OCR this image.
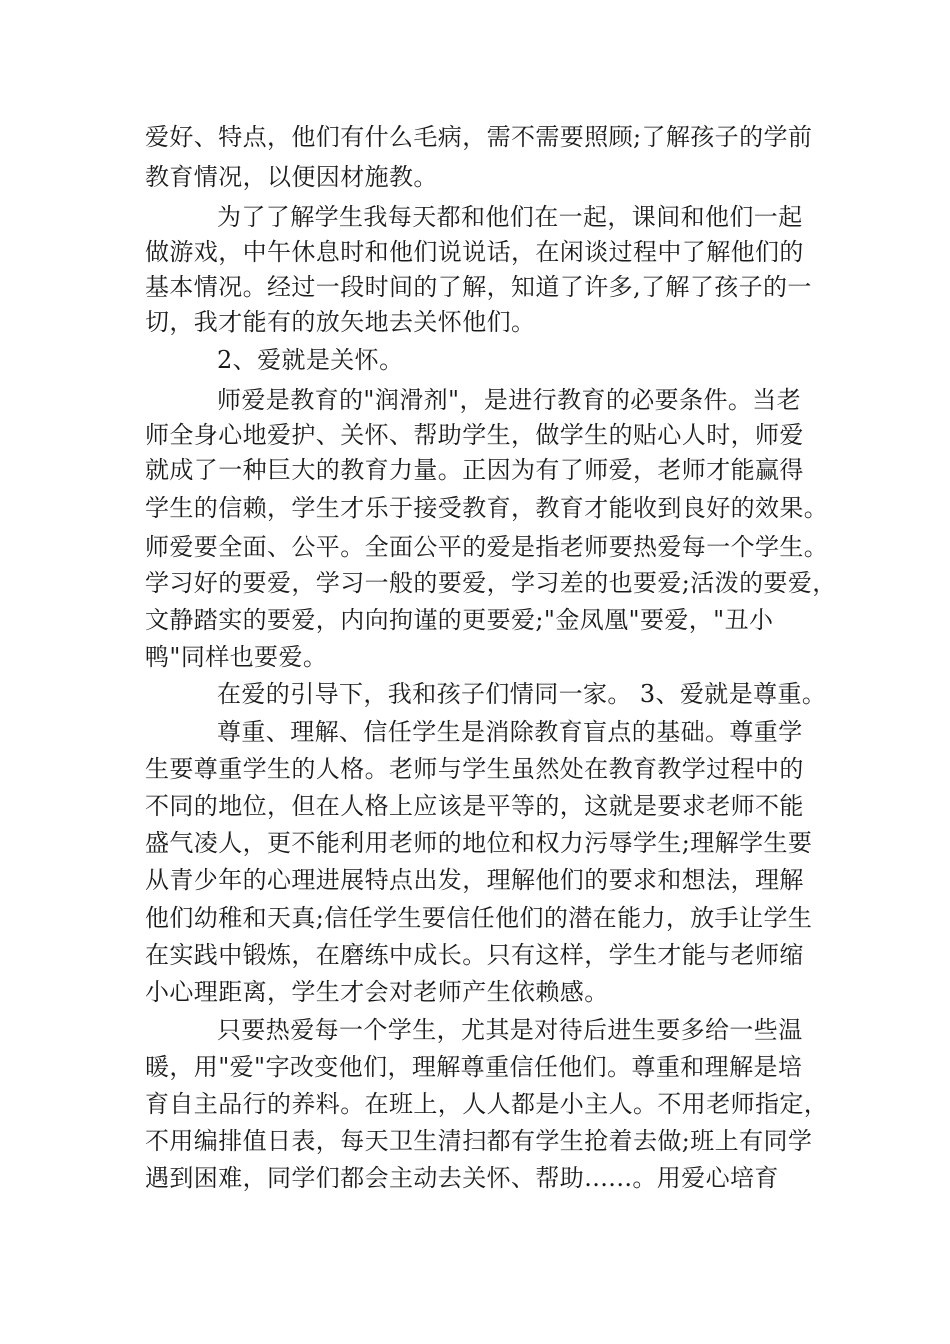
爱好、特点，他们有什么毛病，需不需要照顾;了解孩子的学前
教育情况，以便因材施教。
为了了解学生我每天都和他们在一起，课间和他们一起
做游戏，中午休息时和他们说说话，在闲谈过程中了解他们的
基本情况。经过一段时间的了解，知道了许多,了解了孩子的一
切，我才能有的放矢地去关怀他们。
2、爱就是关怀。
师爱是教育的"润滑剂"，是进行教育的必要条件。当老
师全身心地爱护、关怀、帮助学生，做学生的贴心人时，师爱
就成了一种巨大的教育力量。正因为有了师爱，老师才能赢得
学生的信赖，学生才乐于接受教育，教育才能收到良好的效果。
师爱要全面、公平。全面公平的爱是指老师要热爱每一个学生。
学习好的要爱，学习一般的要爱，学习差的也要爱;活泼的要爱，
文静踏实的要爱，内向拘谨的更要爱;"金凤凰"要爱，"丑小
鸭"同样也要爱。
在爱的引导下，我和孩子们情同一家。 3、爱就是尊重。
尊重、理解、信任学生是消除教育盲点的基础。尊重学
生要尊重学生的人格。老师与学生虽然处在教育教学过程中的
不同的地位，但在人格上应该是平等的，这就是要求老师不能
盛气凌人，更不能利用老师的地位和权力污辱学生;理解学生要
从青少年的心理进展特点出发，理解他们的要求和想法，理解
他们幼稚和天真;信任学生要信任他们的潜在能力，放手让学生
在实践中锻炼，在磨练中成长。只有这样，学生才能与老师缩
小心理距离，学生才会对老师产生依赖感。
只要热爱每一个学生，尤其是对待后进生要多给一些温
暖，用"爱"字改变他们，理解尊重信任他们。尊重和理解是培
育自主品行的养料。在班上，人人都是小主人。不用老师指定，
不用编排值日表，每天卫生清扫都有学生抢着去做;班上有同学
遇到困难，同学们都会主动去关怀、帮助......。用爱心培育
